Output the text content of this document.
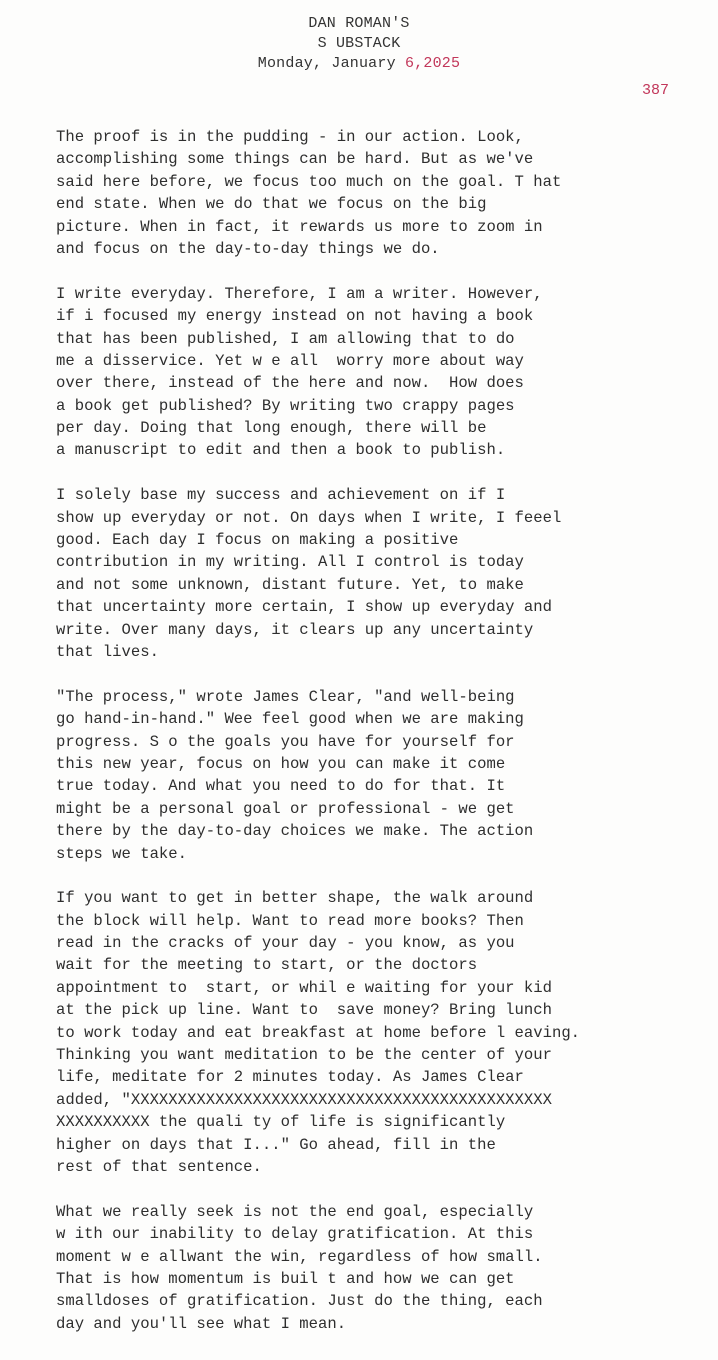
DAN ROMAN'S
S UBSTACK
Monday, January 6,2025
387
The proof is in the pudding - in our action. Look,
accomplishing some things can be hard. But as we've
said here before, we focus too much on the goal. T hat
end state. When we do that we focus on the big
picture. When in fact, it rewards us more to zoom in
and focus on the day-to-day things we do.
I write everyday. Therefore, I am a writer. However,
if i focused my energy instead on not having a book
that has been published, I am allowing that to do
me a disservice. Yet w e all  worry more about way
over there, instead of the here and now.  How does
a book get published? By writing two crappy pages
per day. Doing that long enough, there will be
a manuscript to edit and then a book to publish.
I solely base my success and achievement on if I
show up everyday or not. On days when I write, I feeel
good. Each day I focus on making a positive
contribution in my writing. All I control is today
and not some unknown, distant future. Yet, to make
that uncertainty more certain, I show up everyday and
write. Over many days, it clears up any uncertainty
that lives.
"The process," wrote James Clear, "and well-being
go hand-in-hand." Wee feel good when we are making
progress. S o the goals you have for yourself for
this new year, focus on how you can make it come
true today. And what you need to do for that. It
might be a personal goal or professional - we get
there by the day-to-day choices we make. The action
steps we take.
If you want to get in better shape, the walk around
the block will help. Want to read more books? Then
read in the cracks of your day - you know, as you
wait for the meeting to start, or the doctors
appointment to  start, or whil e waiting for your kid
at the pick up line. Want to  save money? Bring lunch
to work today and eat breakfast at home before l eaving.
Thinking you want meditation to be the center of your
life, meditate for 2 minutes today. As James Clear
added, "XXXXXXXXXXXXXXXXXXXXXXXXXXXXXXXXXXXXXXXXXXXXX
XXXXXXXXXX the quali ty of life is significantly
higher on days that I..." Go ahead, fill in the
rest of that sentence.
What we really seek is not the end goal, especially
w ith our inability to delay gratification. At this
moment w e allwant the win, regardless of how small.
That is how momentum is buil t and how we can get
smalldoses of gratification. Just do the thing, each
day and you'll see what I mean.
